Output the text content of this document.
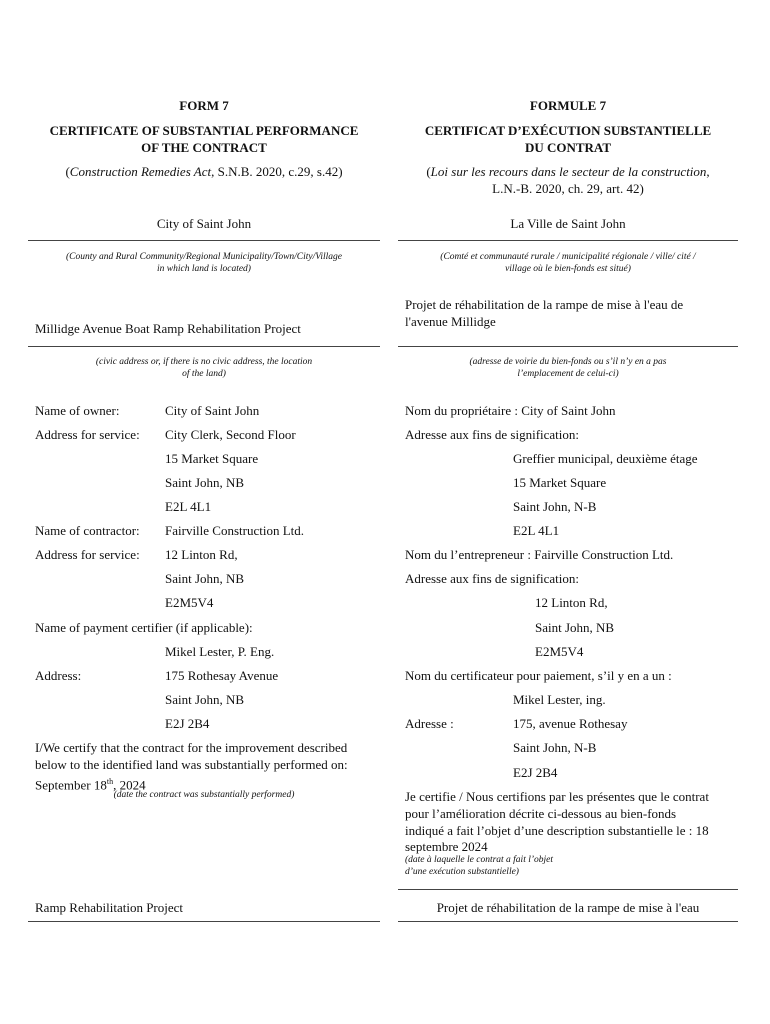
FORM 7
CERTIFICATE OF SUBSTANTIAL PERFORMANCE
OF THE CONTRACT
(Construction Remedies Act, S.N.B. 2020, c.29, s.42)
City of Saint John
(County and Rural Community/Regional Municipality/Town/City/Village
in which land is located)
Millidge Avenue Boat Ramp Rehabilitation Project
(civic address or, if there is no civic address, the location
of the land)
Name of owner:	City of Saint John
Address for service: City Clerk, Second Floor
15 Market Square
Saint John, NB
E2L 4L1
Name of contractor: Fairville Construction Ltd.
Address for service: 12 Linton Rd,
Saint John, NB
E2M5V4
Name of payment certifier (if applicable):
Mikel Lester, P. Eng.
Address:	175 Rothesay Avenue
Saint John, NB
E2J 2B4
I/We certify that the contract for the improvement described
below to the identified land was substantially performed on:
September 18th, 2024
(date the contract was substantially performed)
Ramp Rehabilitation Project
FORMULE 7
CERTIFICAT D’EXÉCUTION SUBSTANTIELLE
DU CONTRAT
(Loi sur les recours dans le secteur de la construction,
L.N.-B. 2020, ch. 29, art. 42)
La Ville de Saint John
(Comté et communauté rurale / municipalité régionale / ville/ cité /
village où le bien-fonds est situé)
Projet de réhabilitation de la rampe de mise à l'eau de
l'avenue Millidge
(adresse de voirie du bien-fonds ou s’il n’y en a pas
l’emplacement de celui-ci)
Nom du propriétaire : City of Saint John
Adresse aux fins de signification:
Greffier municipal, deuxième étage
15 Market Square
Saint John, N-B
E2L 4L1
Nom du l’entrepreneur : Fairville Construction Ltd.
Adresse aux fins de signification:
12 Linton Rd,
Saint John, NB
E2M5V4
Nom du certificateur pour paiement, s’il y en a un :
Mikel Lester, ing.
Adresse :	175, avenue Rothesay
Saint John, N-B
E2J 2B4
Je certifie / Nous certifions par les présentes que le contrat
pour l’amélioration décrite ci-dessous au bien-fonds
indiqué a fait l’objet d’une description substantielle le : 18
septembre 2024
(date à laquelle le contrat a fait l’objet
d’une exécution substantielle)
Projet de réhabilitation de la rampe de mise à l'eau
